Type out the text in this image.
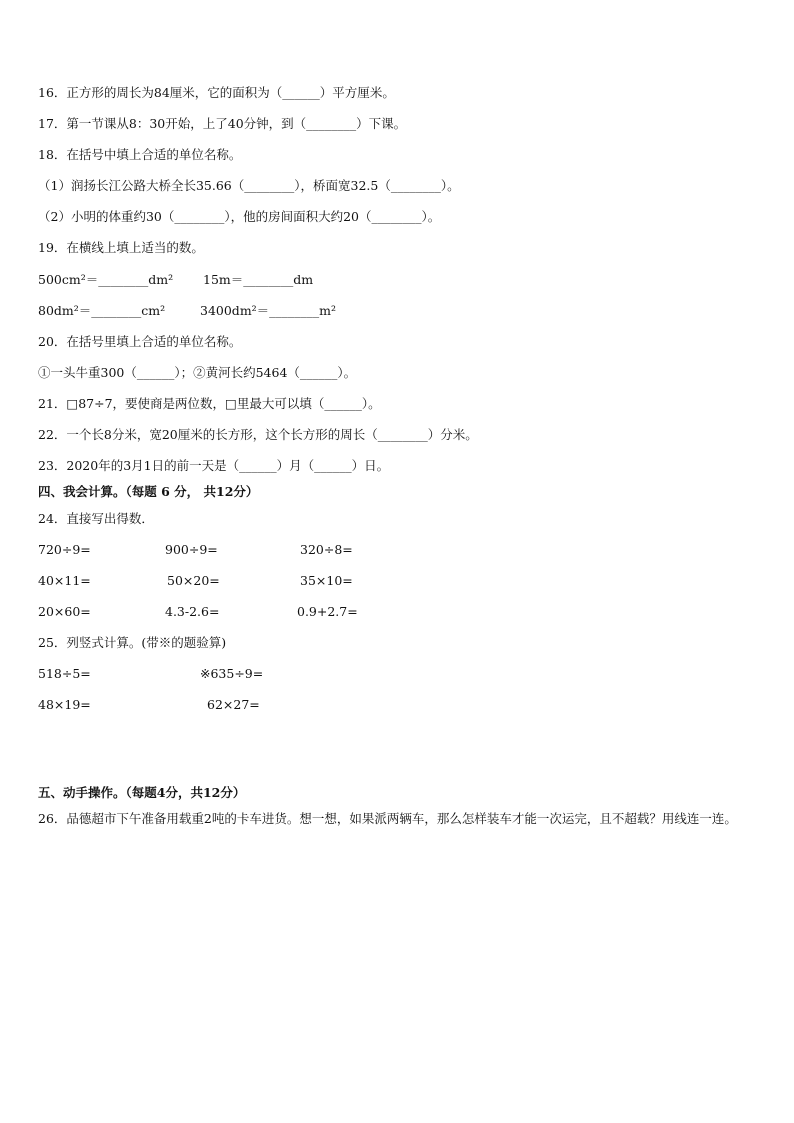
16．正方形的周长为84厘米，它的面积为（______）平方厘米。
17．第一节课从8：30开始，上了40分钟，到（________）下课。
18．在括号中填上合适的单位名称。
（1）润扬长江公路大桥全长35.66（________），桥面宽32.5（________）。
（2）小明的体重约30（________），他的房间面积大约20（________）。
19．在横线上填上适当的数。
500cm²＝________dm² 15m＝________dm
80dm²＝________cm²	3400dm²＝________m²
20．在括号里填上合适的单位名称。
①一头牛重300（______）；②黄河长约5464（______）。
21．□87÷7，要使商是两位数，□里最大可以填（______）。
22．一个长8分米，宽20厘米的长方形，这个长方形的周长（________）分米。
23．2020年的3月1日的前一天是（______）月（______）日。
四、我会计算。（每题 6 分， 共12分）
24．直接写出得数．
720÷9=	900÷9=	320÷8=
40×11=	50×20=	35×10=
20×60=	4.3-2.6=	0.9+2.7=
25．列竖式计算。(带※的题验算)
518÷5=	※635÷9=
48×19=	62×27=
五、动手操作。（每题4分，共12分）
26．品德超市下午准备用载重2吨的卡车进货。想一想，如果派两辆车，那么怎样装车才能一次运完，且不超载？用线连一连。
